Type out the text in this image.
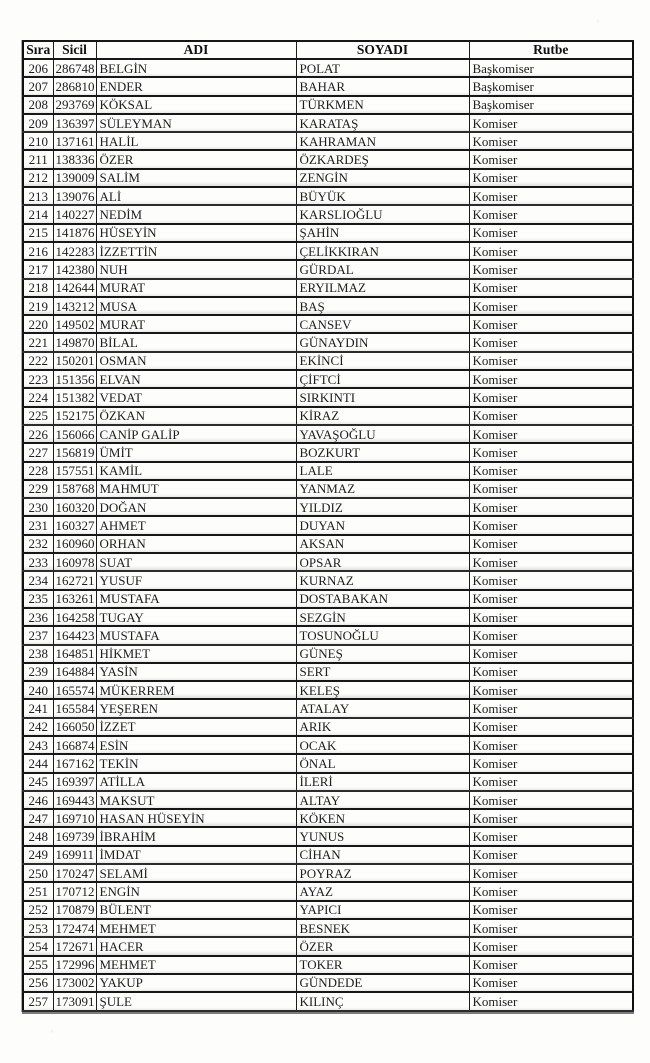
Sıra	Sicil	ADI	SOYADI	Rutbe
206	286748	BELGİN	POLAT	Başkomiser
207	286810	ENDER	BAHAR	Başkomiser
208	293769	KÖKSAL	TÜRKMEN	Başkomiser
209	136397	SÜLEYMAN	KARATAŞ	Komiser
210	137161	HALİL	KAHRAMAN	Komiser
211	138336	ÖZER	ÖZKARDEŞ	Komiser
212	139009	SALİM	ZENGİN	Komiser
213	139076	ALİ	BÜYÜK	Komiser
214	140227	NEDİM	KARSLIOĞLU	Komiser
215	141876	HÜSEYİN	ŞAHİN	Komiser
216	142283	İZZETTİN	ÇELİKKIRAN	Komiser
217	142380	NUH	GÜRDAL	Komiser
218	142644	MURAT	ERYILMAZ	Komiser
219	143212	MUSA	BAŞ	Komiser
220	149502	MURAT	CANSEV	Komiser
221	149870	BİLAL	GÜNAYDIN	Komiser
222	150201	OSMAN	EKİNCİ	Komiser
223	151356	ELVAN	ÇİFTCİ	Komiser
224	151382	VEDAT	SIRKINTI	Komiser
225	152175	ÖZKAN	KİRAZ	Komiser
226	156066	CANİP GALİP	YAVAŞOĞLU	Komiser
227	156819	ÜMİT	BOZKURT	Komiser
228	157551	KAMİL	LALE	Komiser
229	158768	MAHMUT	YANMAZ	Komiser
230	160320	DOĞAN	YILDIZ	Komiser
231	160327	AHMET	DUYAN	Komiser
232	160960	ORHAN	AKSAN	Komiser
233	160978	SUAT	OPSAR	Komiser
234	162721	YUSUF	KURNAZ	Komiser
235	163261	MUSTAFA	DOSTABAKAN	Komiser
236	164258	TUGAY	SEZGİN	Komiser
237	164423	MUSTAFA	TOSUNOĞLU	Komiser
238	164851	HİKMET	GÜNEŞ	Komiser
239	164884	YASİN	SERT	Komiser
240	165574	MÜKERREM	KELEŞ	Komiser
241	165584	YEŞEREN	ATALAY	Komiser
242	166050	İZZET	ARIK	Komiser
243	166874	ESİN	OCAK	Komiser
244	167162	TEKİN	ÖNAL	Komiser
245	169397	ATİLLA	İLERİ	Komiser
246	169443	MAKSUT	ALTAY	Komiser
247	169710	HASAN HÜSEYİN	KÖKEN	Komiser
248	169739	İBRAHİM	YUNUS	Komiser
249	169911	İMDAT	CİHAN	Komiser
250	170247	SELAMİ	POYRAZ	Komiser
251	170712	ENGİN	AYAZ	Komiser
252	170879	BÜLENT	YAPICI	Komiser
253	172474	MEHMET	BESNEK	Komiser
254	172671	HACER	ÖZER	Komiser
255	172996	MEHMET	TOKER	Komiser
256	173002	YAKUP	GÜNDEDE	Komiser
257	173091	ŞULE	KILINÇ	Komiser
